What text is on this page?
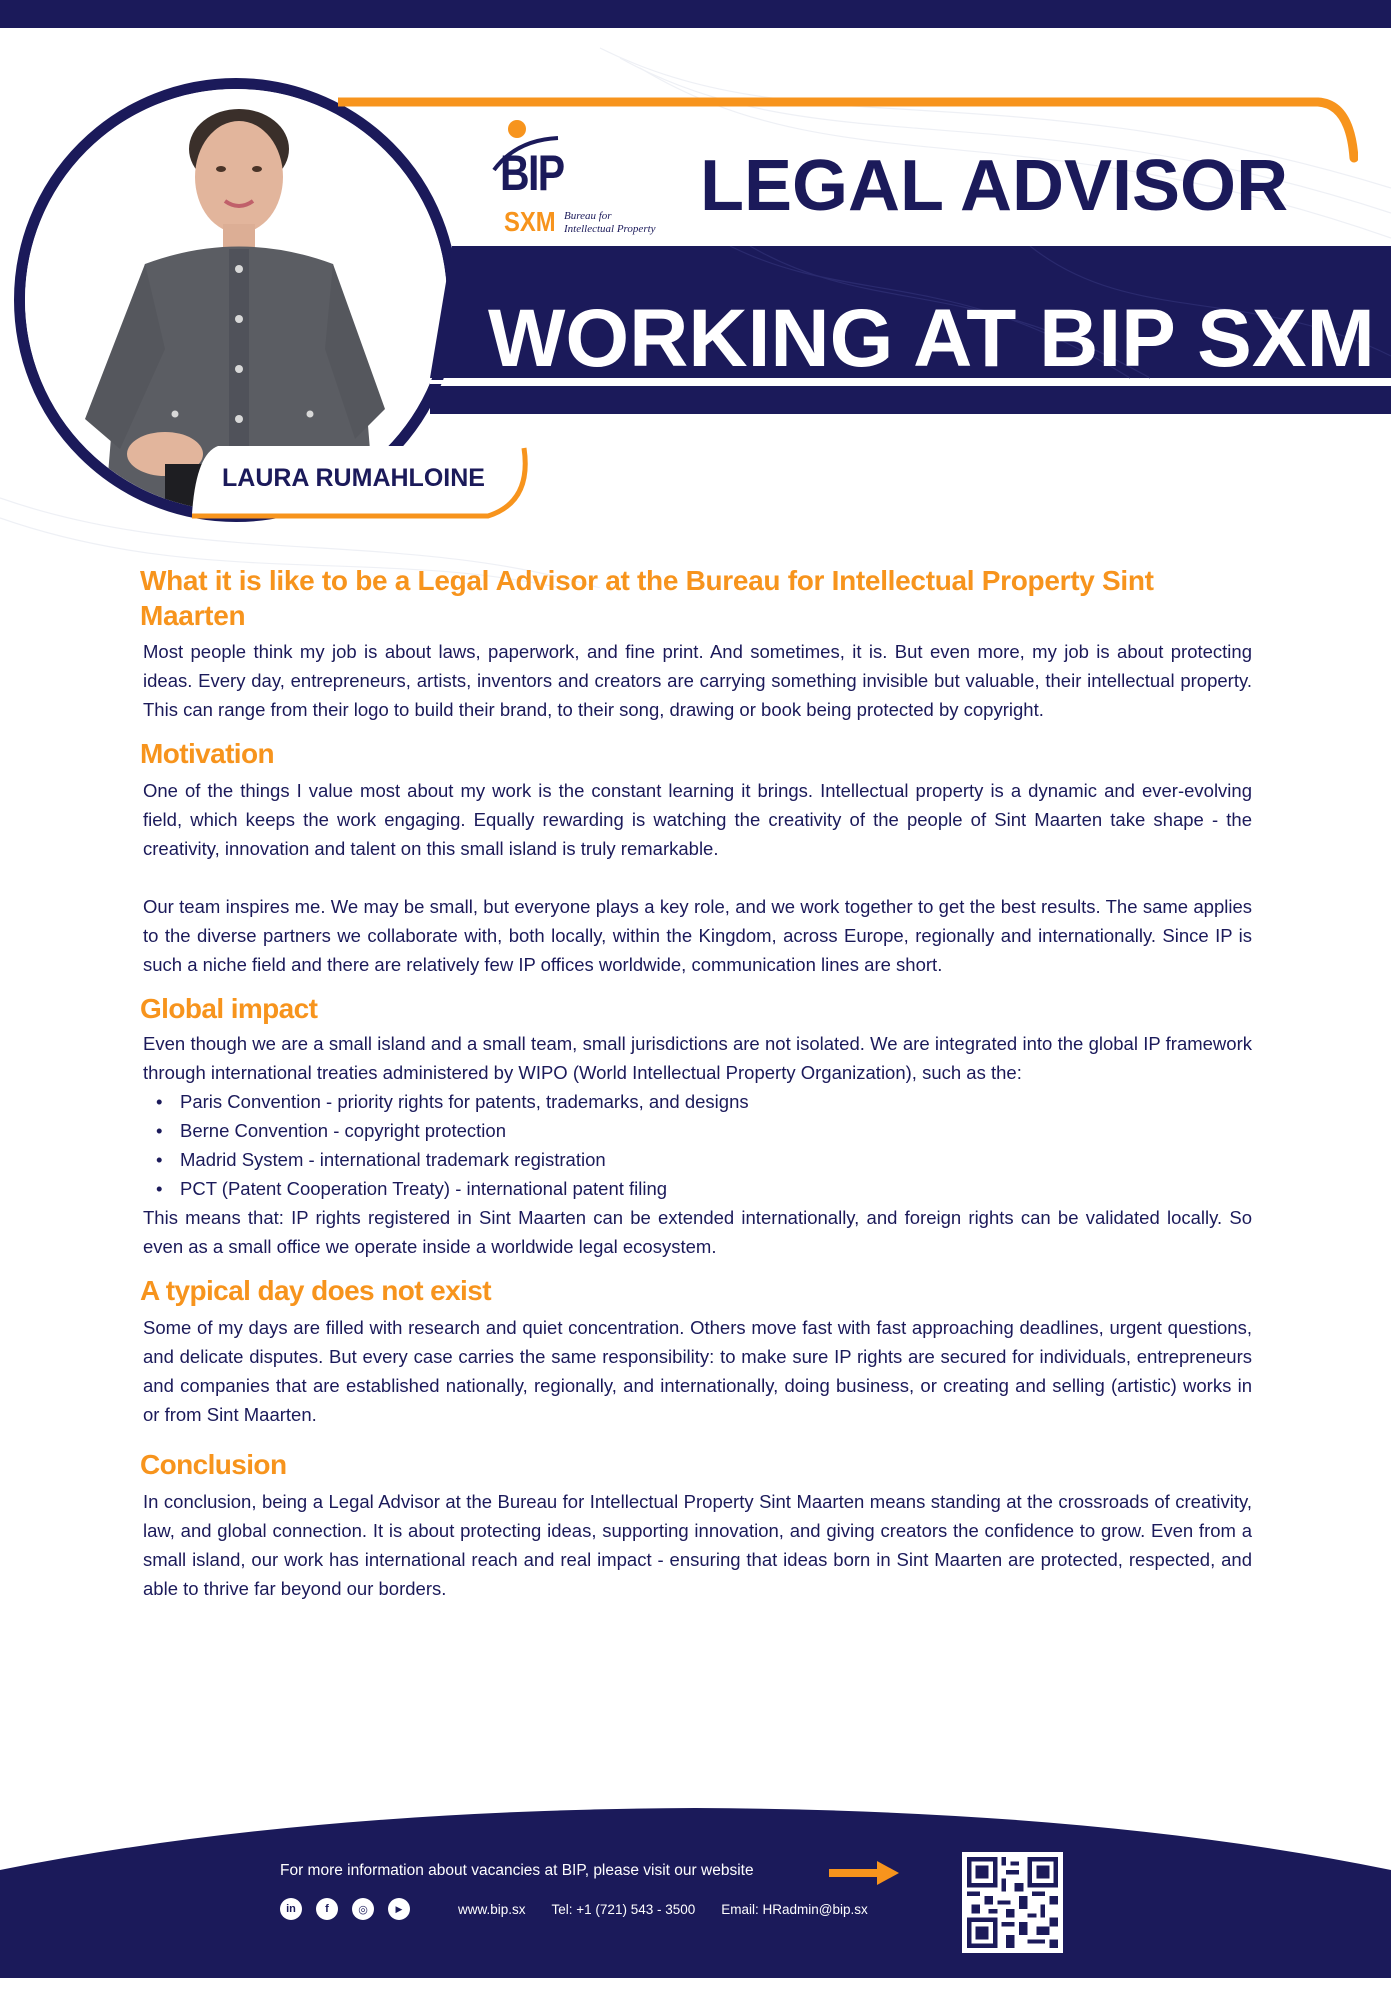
BIP
SXM Bureau for
Intellectual Property
LEGAL ADVISOR
WORKING AT BIP SXM
LAURA RUMAHLOINE
What it is like to be a Legal Advisor at the Bureau for Intellectual Property Sint Maarten

Most people think my job is about laws, paperwork, and fine print. And sometimes, it is. But even more, my job is about protecting ideas. Every day, entrepreneurs, artists, inventors and creators are carrying something invisible but valuable, their intellectual property. This can range from their logo to build their brand, to their song, drawing or book being protected by copyright.

Motivation

One of the things I value most about my work is the constant learning it brings. Intellectual property is a dynamic and ever-evolving field, which keeps the work engaging. Equally rewarding is watching the creativity of the people of Sint Maarten take shape - the creativity, innovation and talent on this small island is truly remarkable.

Our team inspires me. We may be small, but everyone plays a key role, and we work together to get the best results. The same applies to the diverse partners we collaborate with, both locally, within the Kingdom, across Europe, regionally and internationally. Since IP is such a niche field and there are relatively few IP offices worldwide, communication lines are short.

Global impact

Even though we are a small island and a small team, small jurisdictions are not isolated. We are integrated into the global IP framework through international treaties administered by WIPO (World Intellectual Property Organization), such as the:

• Paris Convention - priority rights for patents, trademarks, and designs
• Berne Convention - copyright protection
• Madrid System - international trademark registration
• PCT (Patent Cooperation Treaty) - international patent filing

This means that: IP rights registered in Sint Maarten can be extended internationally, and foreign rights can be validated locally. So even as a small office we operate inside a worldwide legal ecosystem.

A typical day does not exist

Some of my days are filled with research and quiet concentration. Others move fast with fast approaching deadlines, urgent questions, and delicate disputes. But every case carries the same responsibility: to make sure IP rights are secured for individuals, entrepreneurs and companies that are established nationally, regionally, and internationally, doing business, or creating and selling (artistic) works in or from Sint Maarten.

Conclusion

In conclusion, being a Legal Advisor at the Bureau for Intellectual Property Sint Maarten means standing at the crossroads of creativity, law, and global connection. It is about protecting ideas, supporting innovation, and giving creators the confidence to grow. Even from a small island, our work has international reach and real impact - ensuring that ideas born in Sint Maarten are protected, respected, and able to thrive far beyond our borders.

For more information about vacancies at BIP, please visit our website
in	f	◎	▶	www.bip.sx Tel: +1 (721) 543 - 3500 Email: HRadmin@bip.sx
